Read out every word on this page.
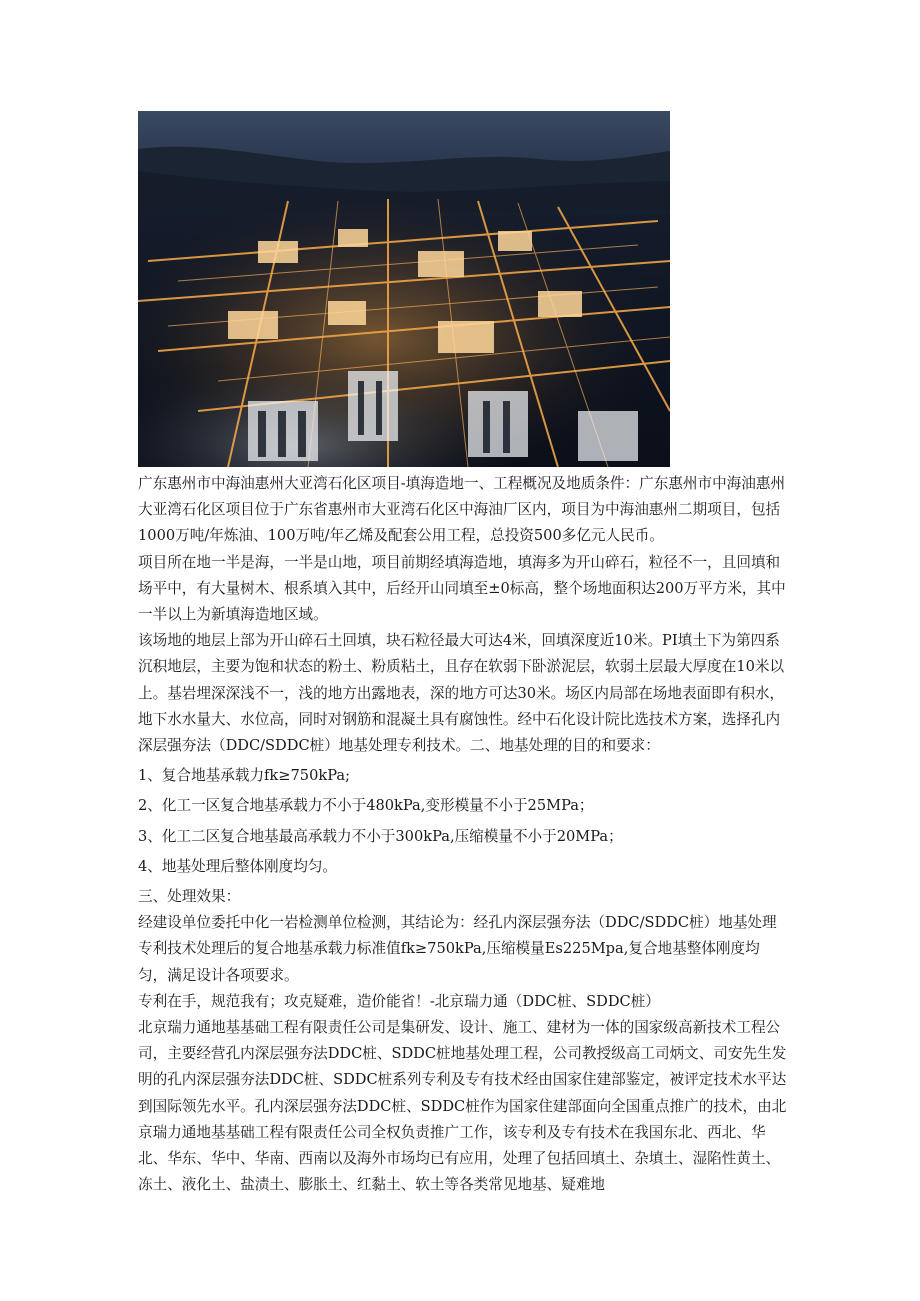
广东惠州市中海油惠州大亚湾石化区项目-填海造地一、工程概况及地质条件：广东惠州市中海油惠州大亚湾石化区项目位于广东省惠州市大亚湾石化区中海油厂区内，项目为中海油惠州二期项目，包括1000万吨/年炼油、100万吨/年乙烯及配套公用工程，总投资500多亿元人民币。

项目所在地一半是海，一半是山地，项目前期经填海造地，填海多为开山碎石，粒径不一，且回填和场平中，有大量树木、根系填入其中，后经开山同填至±0标高，整个场地面积达200万平方米，其中一半以上为新填海造地区域。

该场地的地层上部为开山碎石土回填，块石粒径最大可达4米，回填深度近10米。PI填土下为第四系沉积地层，主要为饱和状态的粉土、粉质粘土，且存在软弱下卧淤泥层，软弱土层最大厚度在10米以上。基岩埋深深浅不一，浅的地方出露地表，深的地方可达30米。场区内局部在场地表面即有积水，地下水水量大、水位高，同时对钢筋和混凝土具有腐蚀性。经中石化设计院比选技术方案，选择孔内深层强夯法（DDC/SDDC桩）地基处理专利技术。二、地基处理的目的和要求：

1、复合地基承载力fk≥750kPa;

2、化工一区复合地基承载力不小于480kPa,变形模量不小于25MPa；

3、化工二区复合地基最高承载力不小于300kPa,压缩模量不小于20MPa；

4、地基处理后整体刚度均匀。

三、处理效果：

经建设单位委托中化一岩检测单位检测，其结论为：经孔内深层强夯法（DDC∕SDDC桩）地基处理专利技术处理后的复合地基承载力标准值fk≥750kPa,压缩模量Es225Mpa,复合地基整体刚度均匀，满足设计各项要求。

专利在手，规范我有；攻克疑难，造价能省！-北京瑞力通（DDC桩、SDDC桩）

北京瑞力通地基基础工程有限责任公司是集研发、设计、施工、建材为一体的国家级高新技术工程公司，主要经营孔内深层强夯法DDC桩、SDDC桩地基处理工程，公司教授级高工司炳文、司安先生发明的孔内深层强夯法DDC桩、SDDC桩系列专利及专有技术经由国家住建部鉴定，被评定技术水平达到国际领先水平。孔内深层强夯法DDC桩、SDDC桩作为国家住建部面向全国重点推广的技术，由北京瑞力通地基基础工程有限责任公司全权负责推广工作，该专利及专有技术在我国东北、西北、华北、华东、华中、华南、西南以及海外市场均已有应用，处理了包括回填土、杂填土、湿陷性黄土、冻土、液化土、盐渍土、膨胀土、红黏土、软土等各类常见地基、疑难地
